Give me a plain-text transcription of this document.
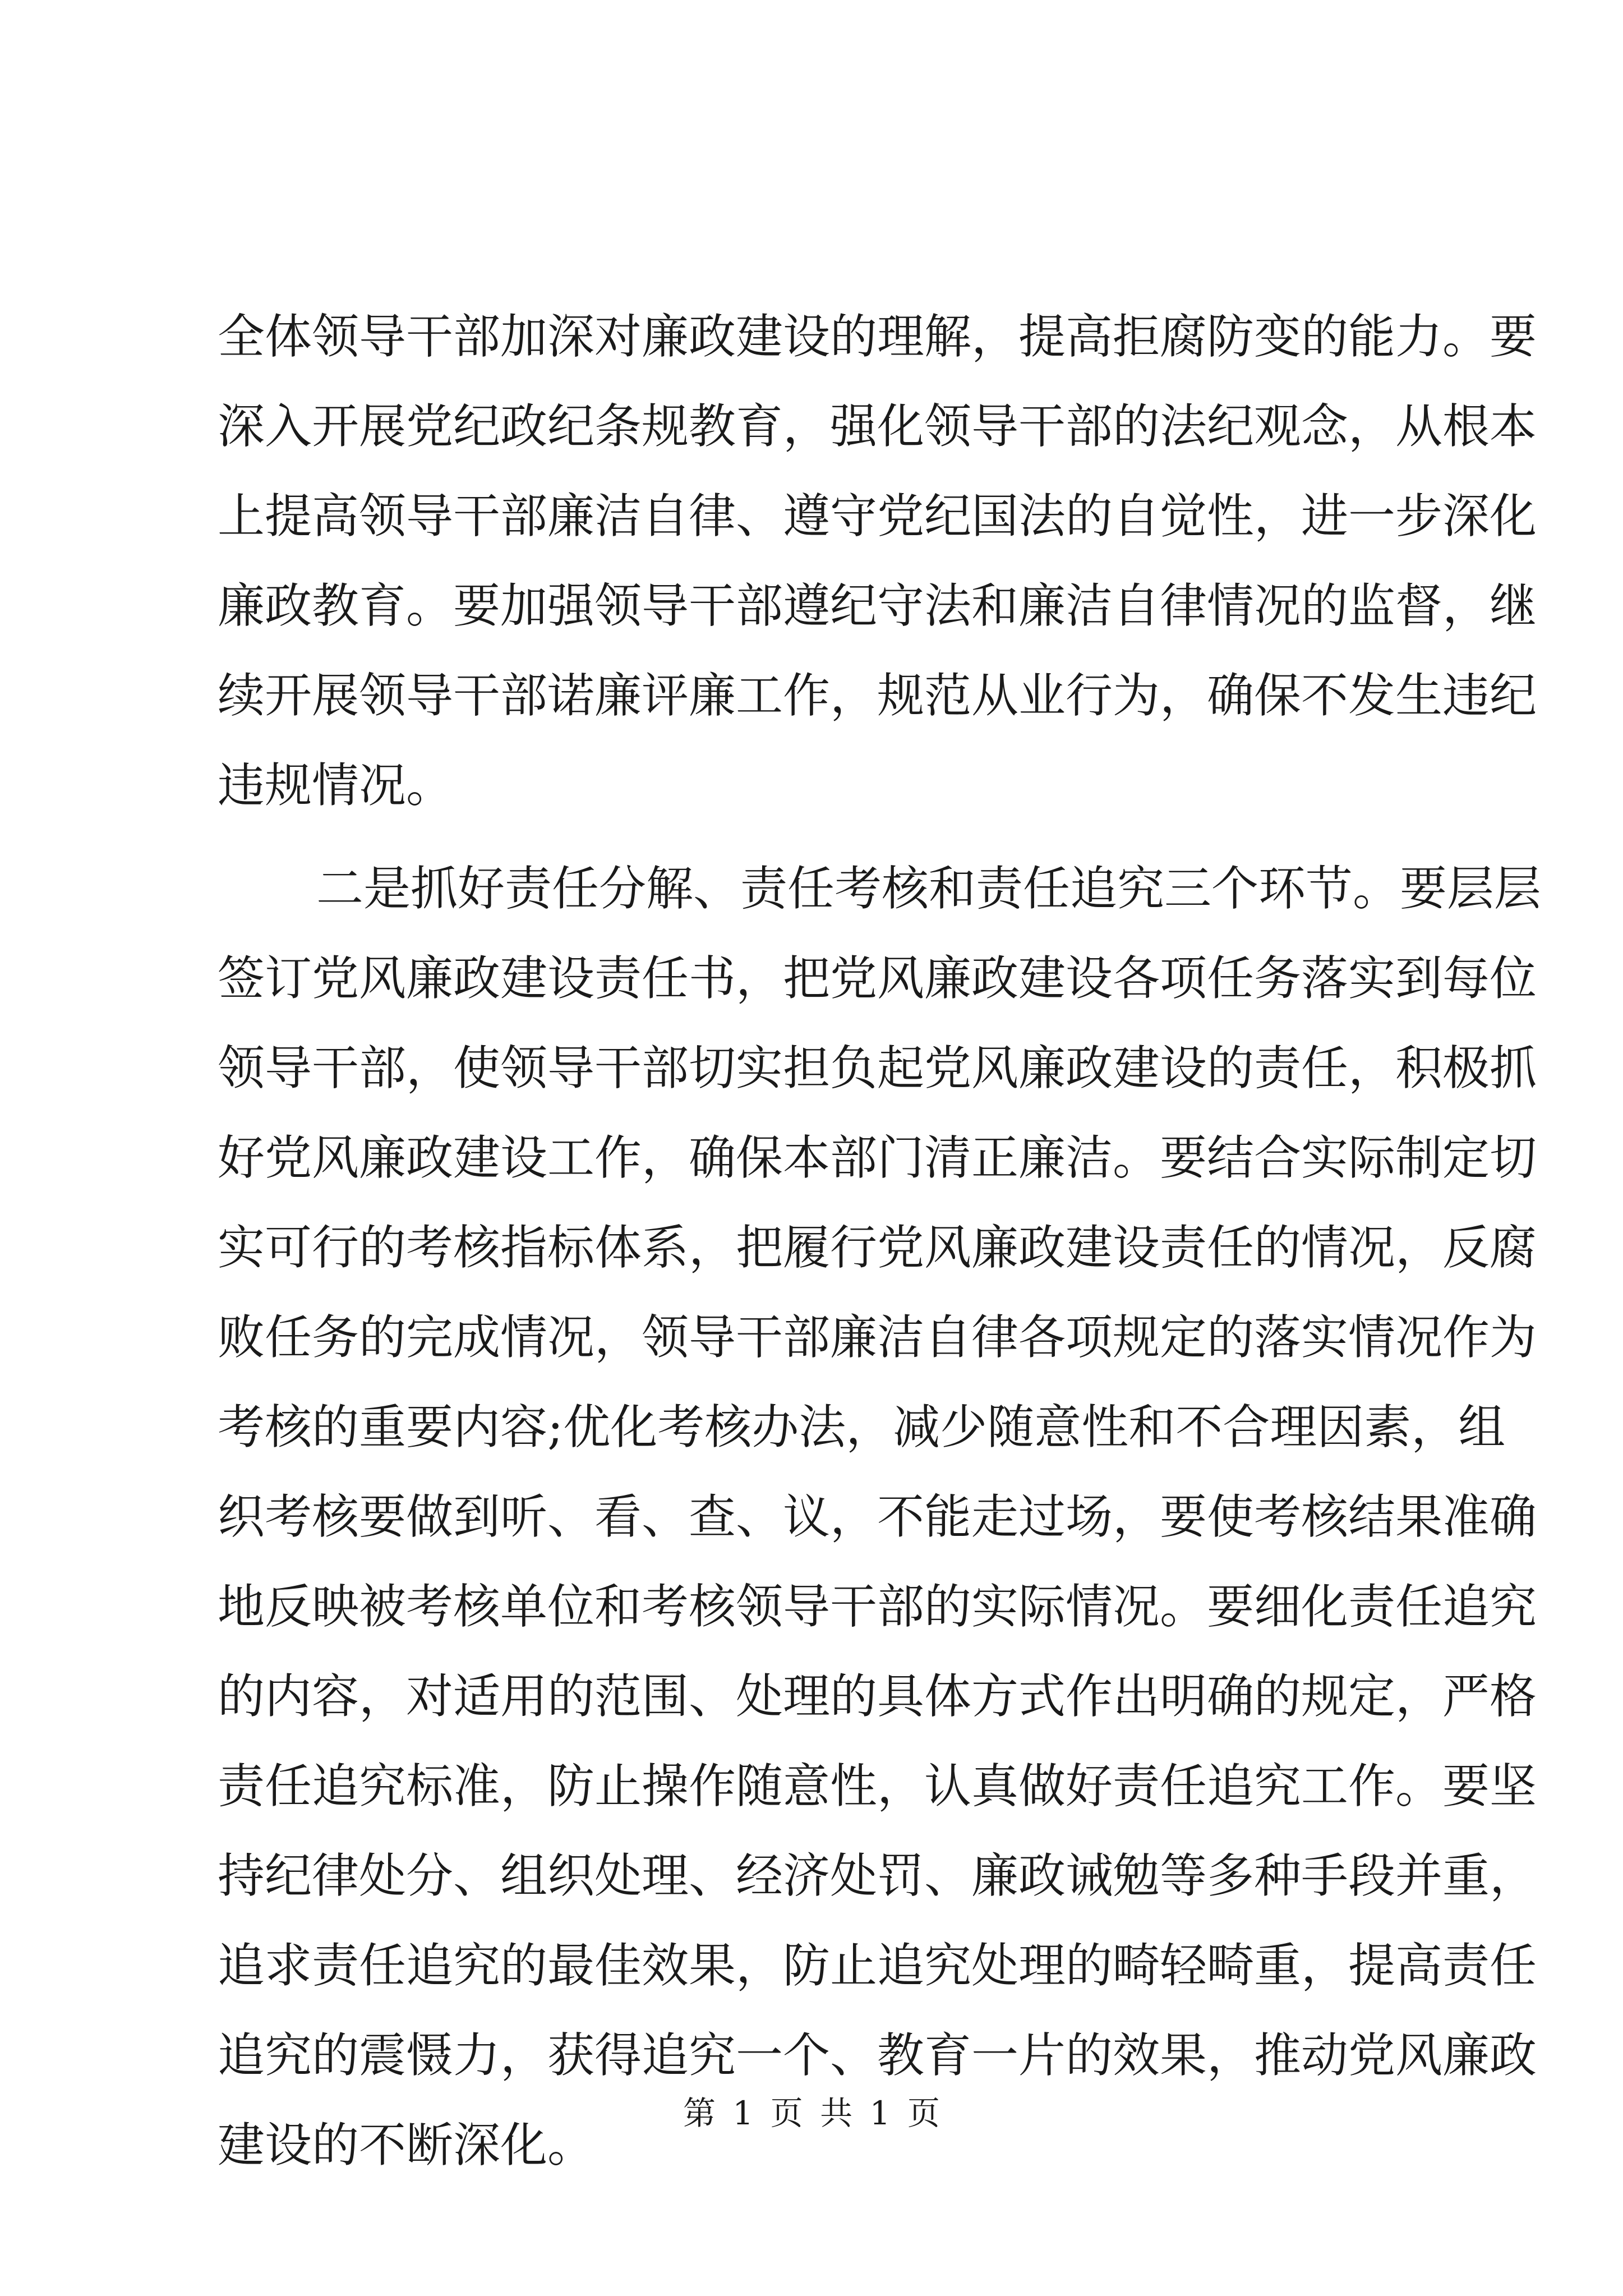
全体领导干部加深对廉政建设的理解，提高拒腐防变的能力。要
深入开展党纪政纪条规教育，强化领导干部的法纪观念，从根本
上提高领导干部廉洁自律、遵守党纪国法的自觉性，进一步深化
廉政教育。要加强领导干部遵纪守法和廉洁自律情况的监督，继
续开展领导干部诺廉评廉工作，规范从业行为，确保不发生违纪
违规情况。
二是抓好责任分解、责任考核和责任追究三个环节。要层层
签订党风廉政建设责任书，把党风廉政建设各项任务落实到每位
领导干部，使领导干部切实担负起党风廉政建设的责任，积极抓
好党风廉政建设工作，确保本部门清正廉洁。要结合实际制定切
实可行的考核指标体系，把履行党风廉政建设责任的情况，反腐
败任务的完成情况，领导干部廉洁自律各项规定的落实情况作为
考核的重要内容;优化考核办法，减少随意性和不合理因素，组
织考核要做到听、看、查、议，不能走过场，要使考核结果准确
地反映被考核单位和考核领导干部的实际情况。要细化责任追究
的内容，对适用的范围、处理的具体方式作出明确的规定，严格
责任追究标准，防止操作随意性，认真做好责任追究工作。要坚
持纪律处分、组织处理、经济处罚、廉政诫勉等多种手段并重，
追求责任追究的最佳效果，防止追究处理的畸轻畸重，提高责任
追究的震慑力，获得追究一个、教育一片的效果，推动党风廉政
建设的不断深化。
第 1 页 共 1 页
